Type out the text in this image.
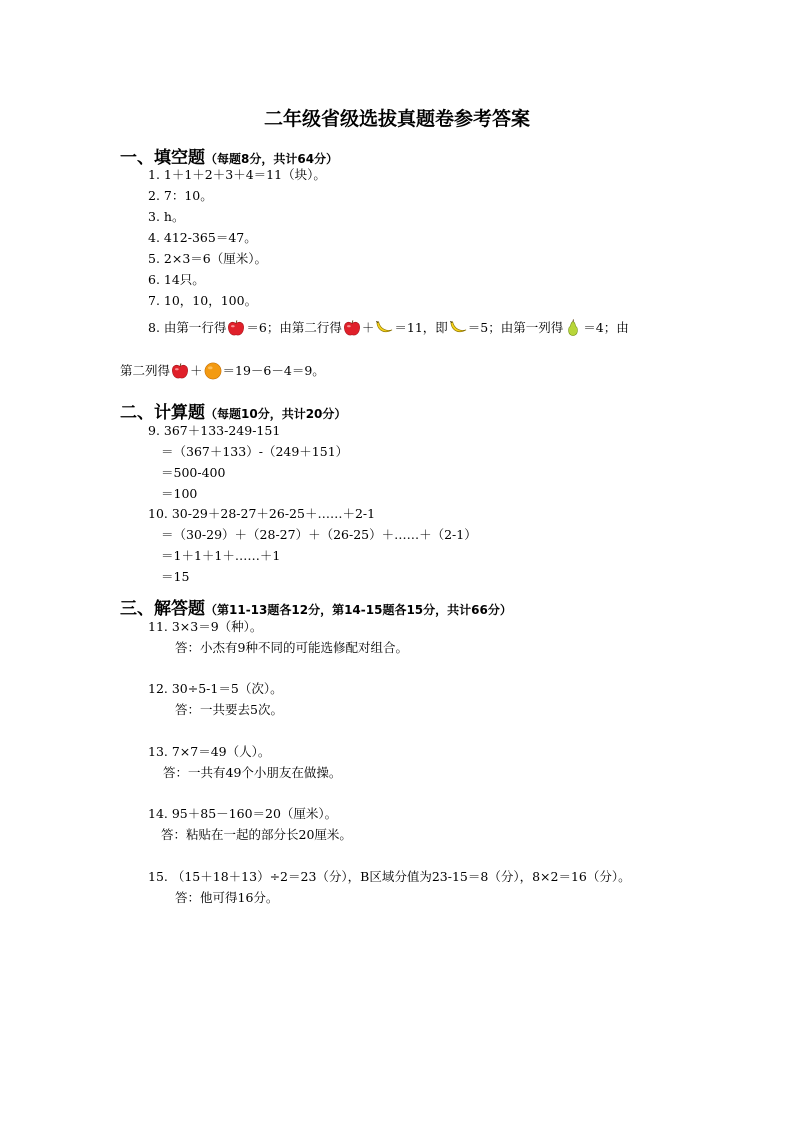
二年级省级选拔真题卷参考答案
一、填空题（每题8分，共计64分）
1. 1＋1＋2＋3＋4＝11（块）。
2. 7：10。
3. h。
4. 412-365＝47。
5. 2×3＝6（厘米）。
6. 14只。
7. 10，10，100。
8. 由第一行得 ＝6；由第二行得 ＋ ＝11，即 ＝5；由第一列得 ＝4；由
第二列得 ＋ ＝19－6－4＝9。
二、计算题（每题10分，共计20分）
9. 367＋133-249-151
＝（367＋133）-（249＋151）
＝500-400
＝100
10. 30-29＋28-27＋26-25＋……＋2-1
＝（30-29）＋（28-27）＋（26-25）＋……＋（2-1）
＝1＋1＋1＋……＋1
＝15
三、解答题（第11-13题各12分，第14-15题各15分，共计66分）
11. 3×3＝9（种）。
答：小杰有9种不同的可能选修配对组合。
12. 30÷5-1＝5（次）。
答：一共要去5次。
13. 7×7＝49（人）。
答：一共有49个小朋友在做操。
14. 95＋85－160＝20（厘米）。
答：粘贴在一起的部分长20厘米。
15. （15＋18＋13）÷2＝23（分），B区域分值为23-15＝8（分），8×2＝16（分）。
答：他可得16分。
